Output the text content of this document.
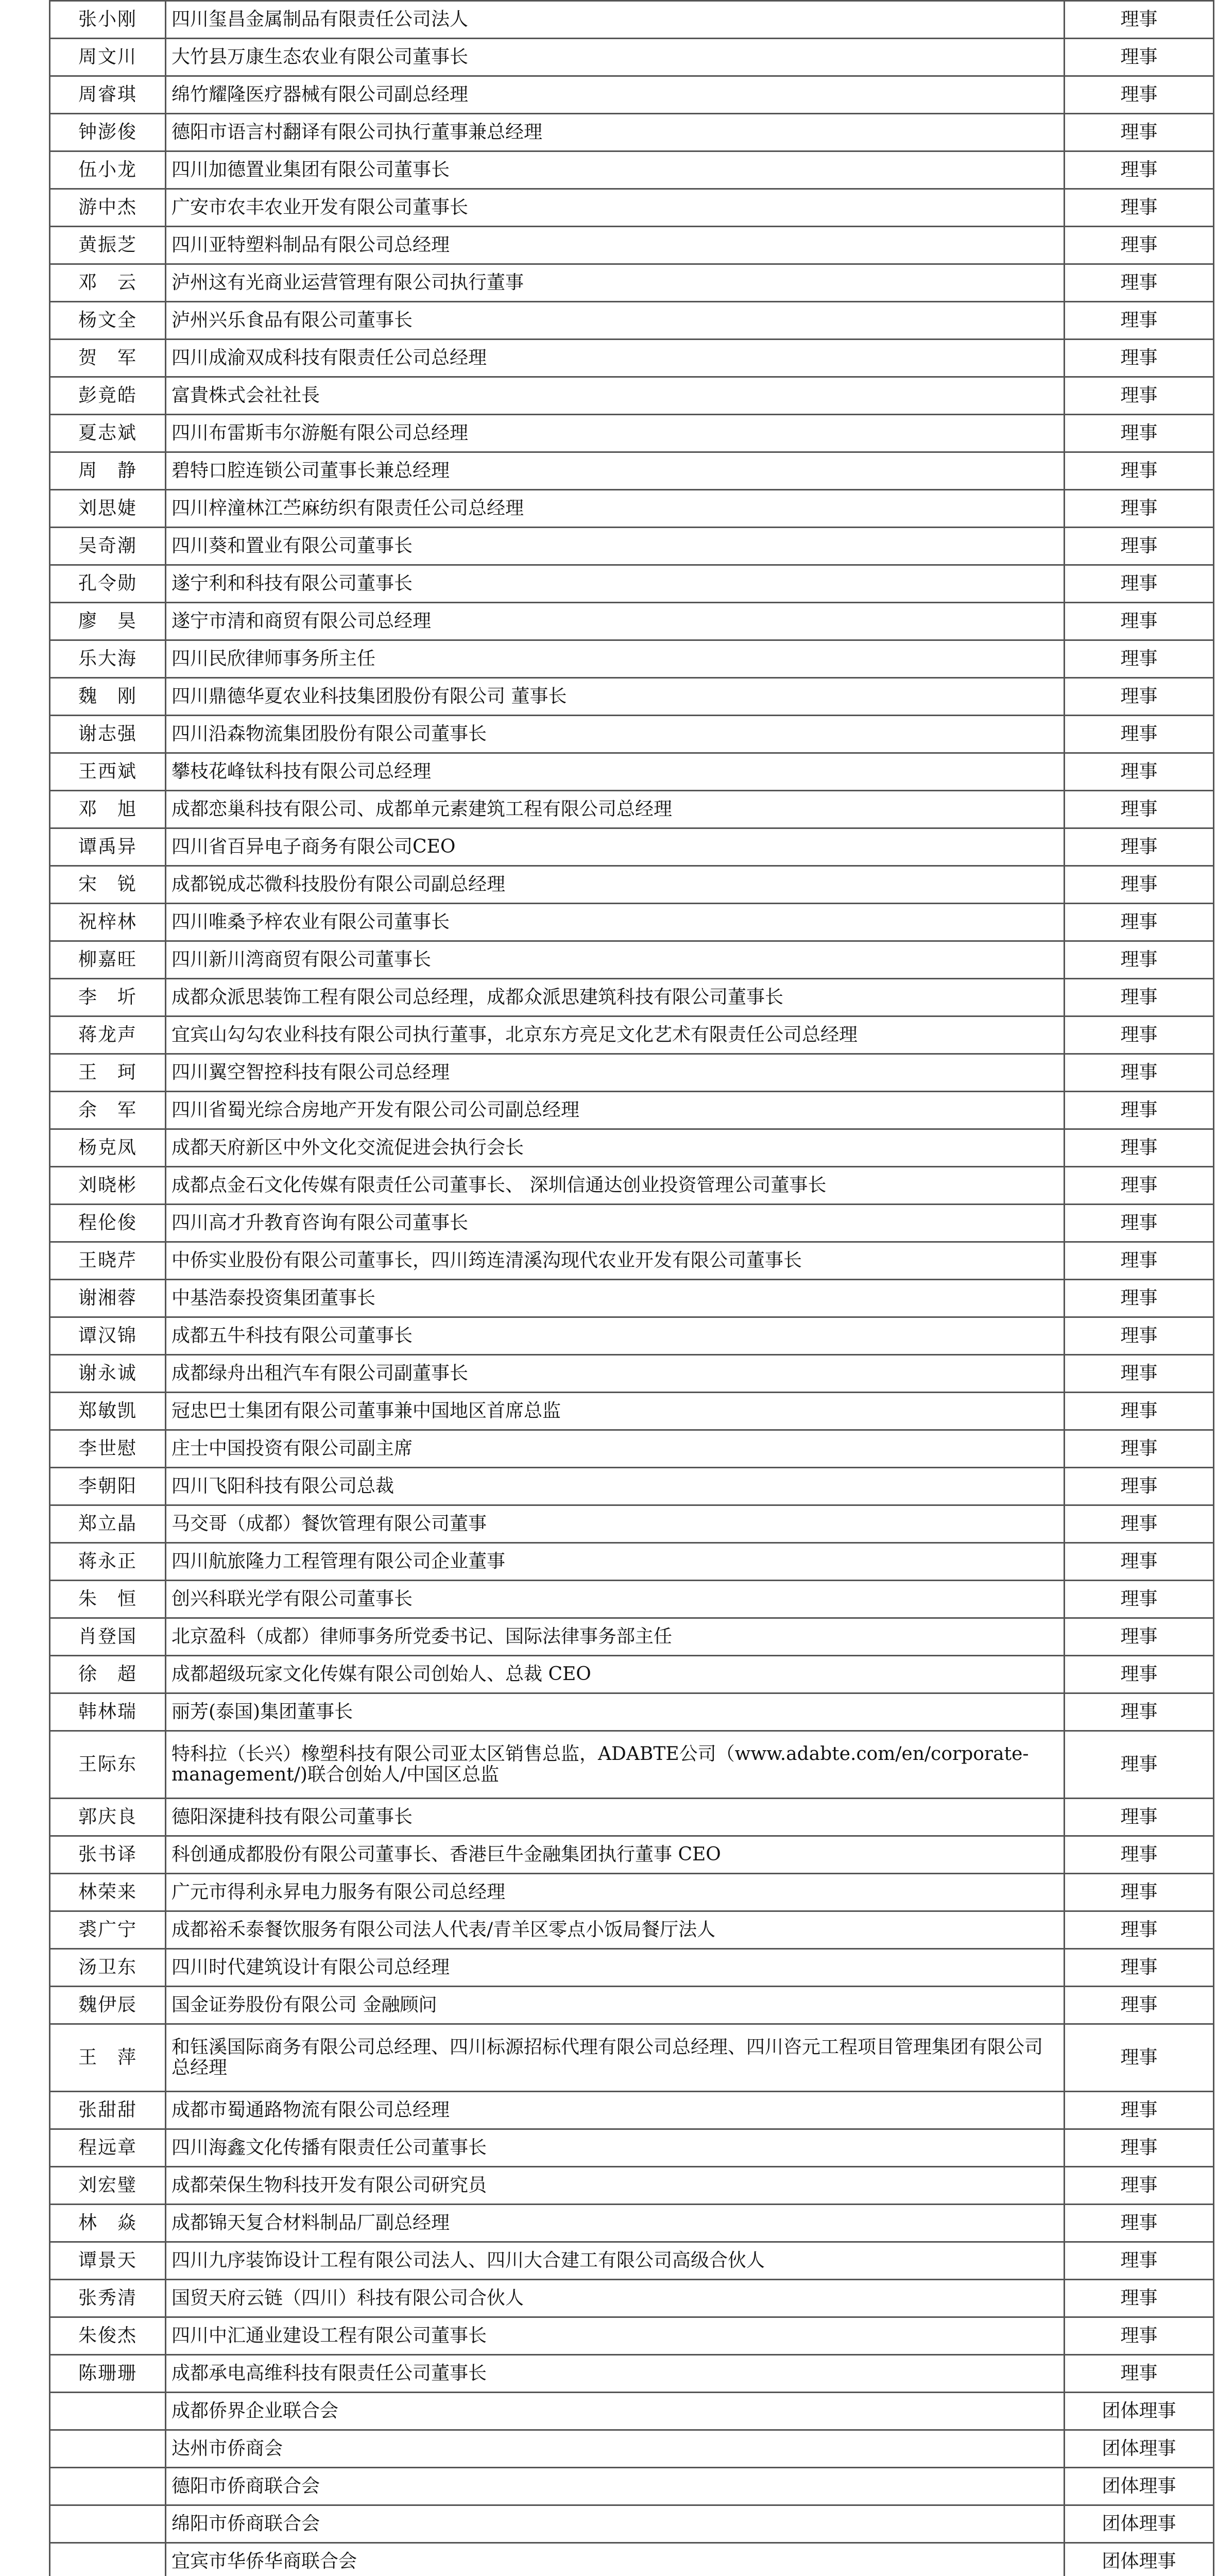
张小刚	四川玺昌金属制品有限责任公司法人	理事
周文川	大竹县万康生态农业有限公司董事长	理事
周睿琪	绵竹耀隆医疗器械有限公司副总经理	理事
钟澎俊	德阳市语言村翻译有限公司执行董事兼总经理	理事
伍小龙	四川加德置业集团有限公司董事长	理事
游中杰	广安市农丰农业开发有限公司董事长	理事
黄振芝	四川亚特塑料制品有限公司总经理	理事
邓　云	泸州这有光商业运营管理有限公司执行董事	理事
杨文全	泸州兴乐食品有限公司董事长	理事
贺　军	四川成渝双成科技有限责任公司总经理	理事
彭竟皓	富貴株式会社社長	理事
夏志斌	四川布雷斯韦尔游艇有限公司总经理	理事
周　静	碧特口腔连锁公司董事长兼总经理	理事
刘思婕	四川梓潼林江苎麻纺织有限责任公司总经理	理事
吴奇潮	四川葵和置业有限公司董事长	理事
孔令勋	遂宁利和科技有限公司董事长	理事
廖　昊	遂宁市清和商贸有限公司总经理	理事
乐大海	四川民欣律师事务所主任	理事
魏　刚	四川鼎德华夏农业科技集团股份有限公司 董事长	理事
谢志强	四川沿森物流集团股份有限公司董事长	理事
王西斌	攀枝花峰钛科技有限公司总经理	理事
邓　旭	成都恋巢科技有限公司、成都单元素建筑工程有限公司总经理	理事
谭禹异	四川省百异电子商务有限公司CEO	理事
宋　锐	成都锐成芯微科技股份有限公司副总经理	理事
祝梓林	四川唯桑予梓农业有限公司董事长	理事
柳嘉旺	四川新川湾商贸有限公司董事长	理事
李　圻	成都众派思装饰工程有限公司总经理，成都众派思建筑科技有限公司董事长	理事
蒋龙声	宜宾山勾勾农业科技有限公司执行董事，北京东方亮足文化艺术有限责任公司总经理	理事
王　珂	四川翼空智控科技有限公司总经理	理事
余　军	四川省蜀光综合房地产开发有限公司公司副总经理	理事
杨克凤	成都天府新区中外文化交流促进会执行会长	理事
刘晓彬	成都点金石文化传媒有限责任公司董事长、 深圳信通达创业投资管理公司董事长	理事
程伦俊	四川高才升教育咨询有限公司董事长	理事
王晓芹	中侨实业股份有限公司董事长，四川筠连清溪沟现代农业开发有限公司董事长	理事
谢湘蓉	中基浩泰投资集团董事长	理事
谭汉锦	成都五牛科技有限公司董事长	理事
谢永诚	成都绿舟出租汽车有限公司副董事长	理事
郑敏凯	冠忠巴士集团有限公司董事兼中国地区首席总监	理事
李世慰	庄士中国投资有限公司副主席	理事
李朝阳	四川飞阳科技有限公司总裁	理事
郑立晶	马交哥（成都）餐饮管理有限公司董事	理事
蒋永正	四川航旅隆力工程管理有限公司企业董事	理事
朱　恒	创兴科联光学有限公司董事长	理事
肖登国	北京盈科（成都）律师事务所党委书记、国际法律事务部主任	理事
徐　超	成都超级玩家文化传媒有限公司创始人、总裁 CEO	理事
韩林瑞	丽芳(泰国)集团董事长	理事
王际东	特科拉（长兴）橡塑科技有限公司亚太区销售总监，ADABTE公司（www.adabte.com/en/corporate-management/)联合创始人/中国区总监	理事
郭庆良	德阳深捷科技有限公司董事长	理事
张书译	科创通成都股份有限公司董事长、香港巨牛金融集团执行董事 CEO	理事
林荣来	广元市得利永昇电力服务有限公司总经理	理事
裘广宁	成都裕禾泰餐饮服务有限公司法人代表/青羊区零点小饭局餐厅法人	理事
汤卫东	四川时代建筑设计有限公司总经理	理事
魏伊辰	国金证券股份有限公司 金融顾问	理事
王　萍	和钰溪国际商务有限公司总经理、四川标源招标代理有限公司总经理、四川咨元工程项目管理集团有限公司总经理	理事
张甜甜	成都市蜀通路物流有限公司总经理	理事
程远章	四川海鑫文化传播有限责任公司董事长	理事
刘宏璧	成都荣保生物科技开发有限公司研究员	理事
林　焱	成都锦天复合材料制品厂副总经理	理事
谭景天	四川九序装饰设计工程有限公司法人、四川大合建工有限公司高级合伙人	理事
张秀清	国贸天府云链（四川）科技有限公司合伙人	理事
朱俊杰	四川中汇通业建设工程有限公司董事长	理事
陈珊珊	成都承电高维科技有限责任公司董事长	理事
	成都侨界企业联合会	团体理事
	达州市侨商会	团体理事
	德阳市侨商联合会	团体理事
	绵阳市侨商联合会	团体理事
	宜宾市华侨华商联合会	团体理事
